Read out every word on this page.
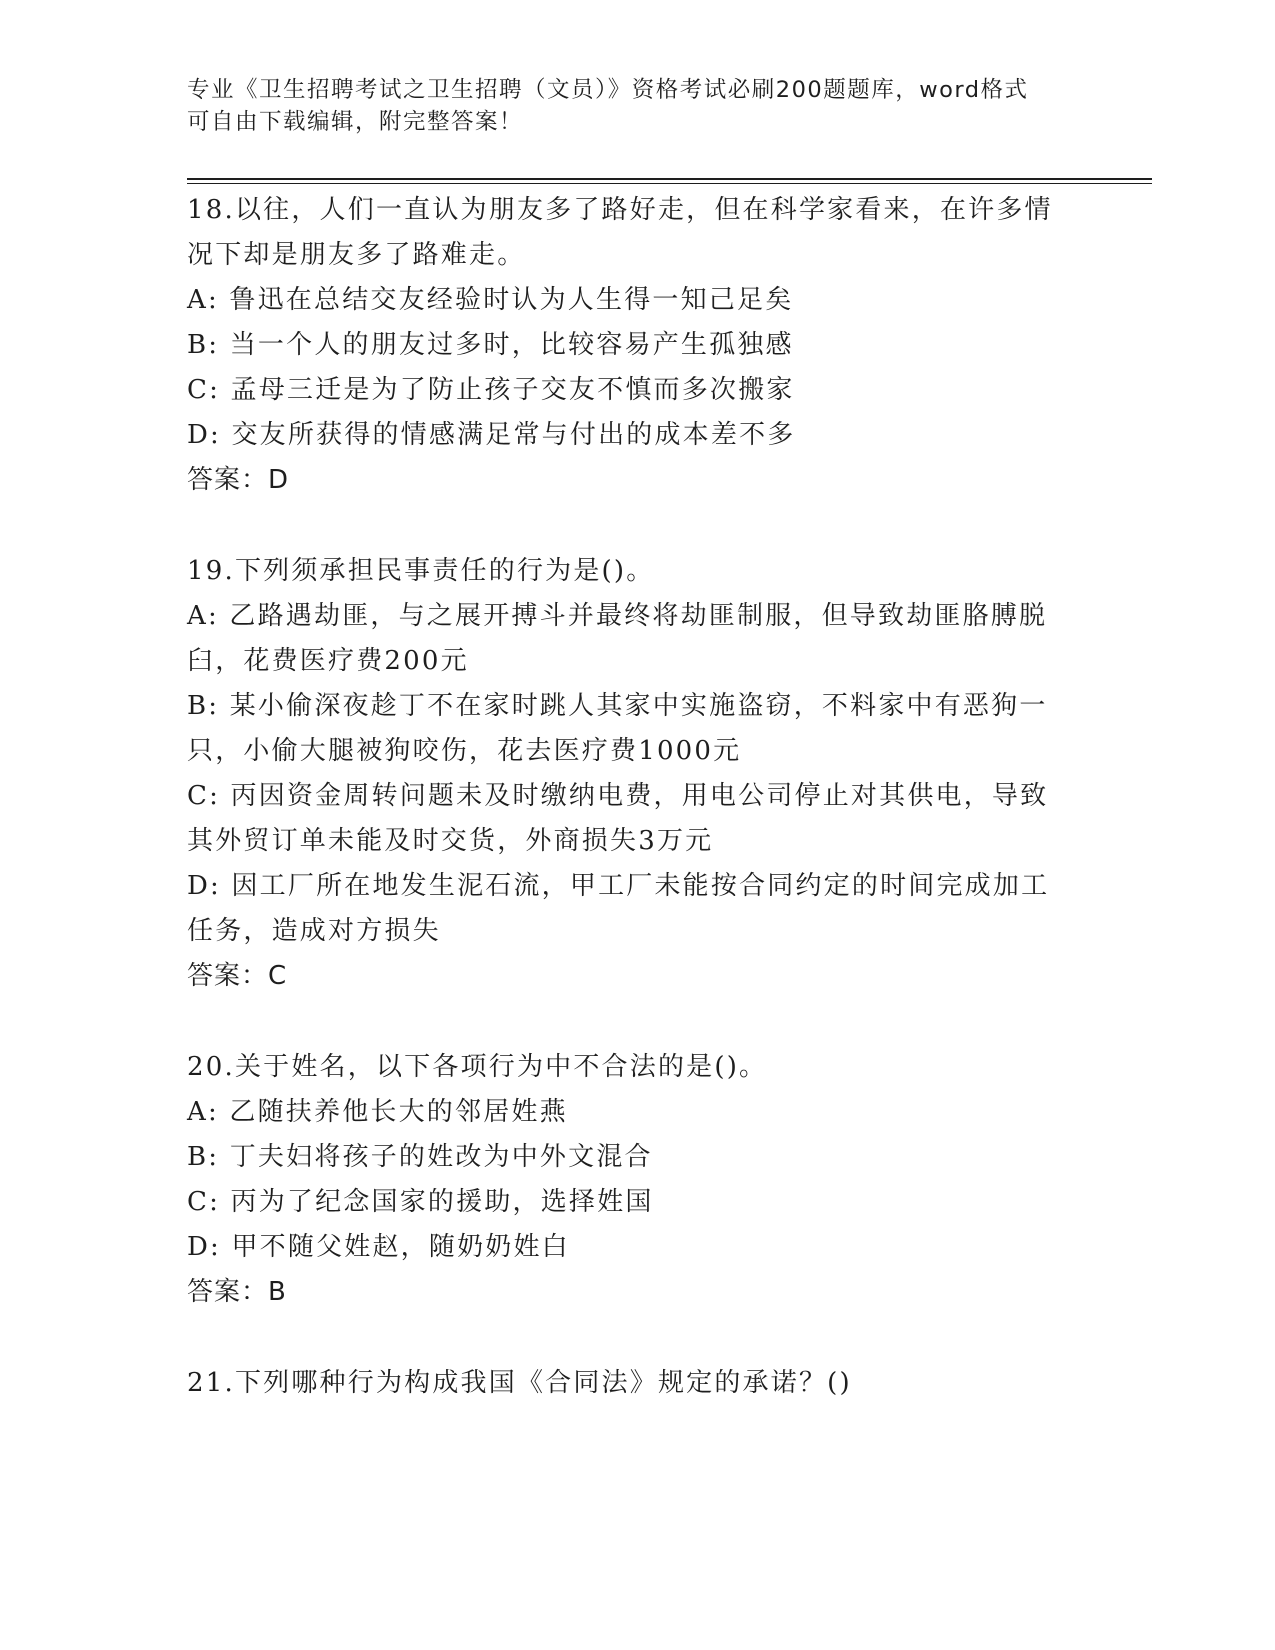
专业《卫生招聘考试之卫生招聘（文员）》资格考试必刷200题题库，word格式
可自由下载编辑，附完整答案！
18.以往，人们一直认为朋友多了路好走，但在科学家看来，在许多情
况下却是朋友多了路难走。
A: 鲁迅在总结交友经验时认为人生得一知己足矣
B: 当一个人的朋友过多时，比较容易产生孤独感
C: 孟母三迁是为了防止孩子交友不慎而多次搬家
D: 交友所获得的情感满足常与付出的成本差不多
答案：D
19.下列须承担民事责任的行为是()。
A: 乙路遇劫匪，与之展开搏斗并最终将劫匪制服，但导致劫匪胳膊脱
臼，花费医疗费200元
B: 某小偷深夜趁丁不在家时跳人其家中实施盗窃，不料家中有恶狗一
只，小偷大腿被狗咬伤，花去医疗费1000元
C: 丙因资金周转问题未及时缴纳电费，用电公司停止对其供电，导致
其外贸订单未能及时交货，外商损失3万元
D: 因工厂所在地发生泥石流，甲工厂未能按合同约定的时间完成加工
任务，造成对方损失
答案：C
20.关于姓名，以下各项行为中不合法的是()。
A: 乙随扶养他长大的邻居姓燕
B: 丁夫妇将孩子的姓改为中外文混合
C: 丙为了纪念国家的援助，选择姓国
D: 甲不随父姓赵，随奶奶姓白
答案：B
21.下列哪种行为构成我国《合同法》规定的承诺？()
